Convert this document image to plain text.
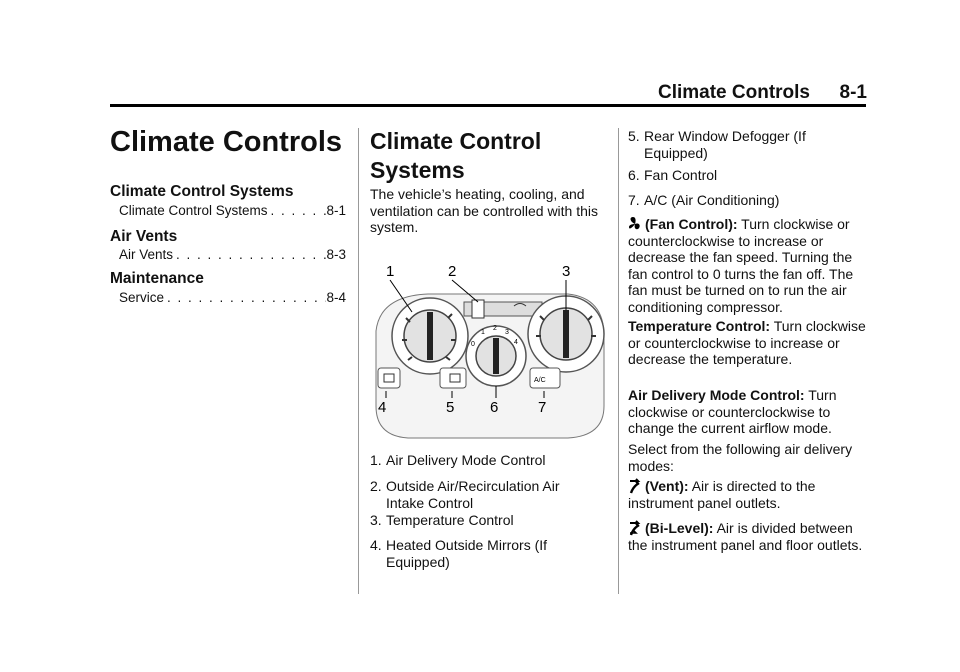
Climate Controls 8-1
Climate Controls
Climate Control Systems
Climate Control Systems . . .	8-1
Air Vents
Air Vents . . .	8-3
Maintenance
Service . . .	8-4
Climate Control
Systems
The vehicle’s heating, cooling, and ventilation can be controlled with this system.
0
1
2
3
4
A/C
1	2	3
4	5 6	7
1. Air Delivery Mode Control
2. Outside Air/Recirculation Air
Intake Control
3. Temperature Control
4. Heated Outside Mirrors (If
Equipped)
5. Rear Window Defogger (If
Equipped)
6. Fan Control
7. A/C (Air Conditioning)
(Fan Control): Turn clockwise or counterclockwise to increase or decrease the fan speed. Turning the fan control to 0 turns the fan off. The fan must be turned on to run the air conditioning compressor.
Temperature Control: Turn clockwise or counterclockwise to increase or decrease the temperature.
Air Delivery Mode Control: Turn clockwise or counterclockwise to change the current airflow mode.
Select from the following air delivery modes:
(Vent): Air is directed to the instrument panel outlets.
(Bi-Level): Air is divided between the instrument panel and floor outlets.
